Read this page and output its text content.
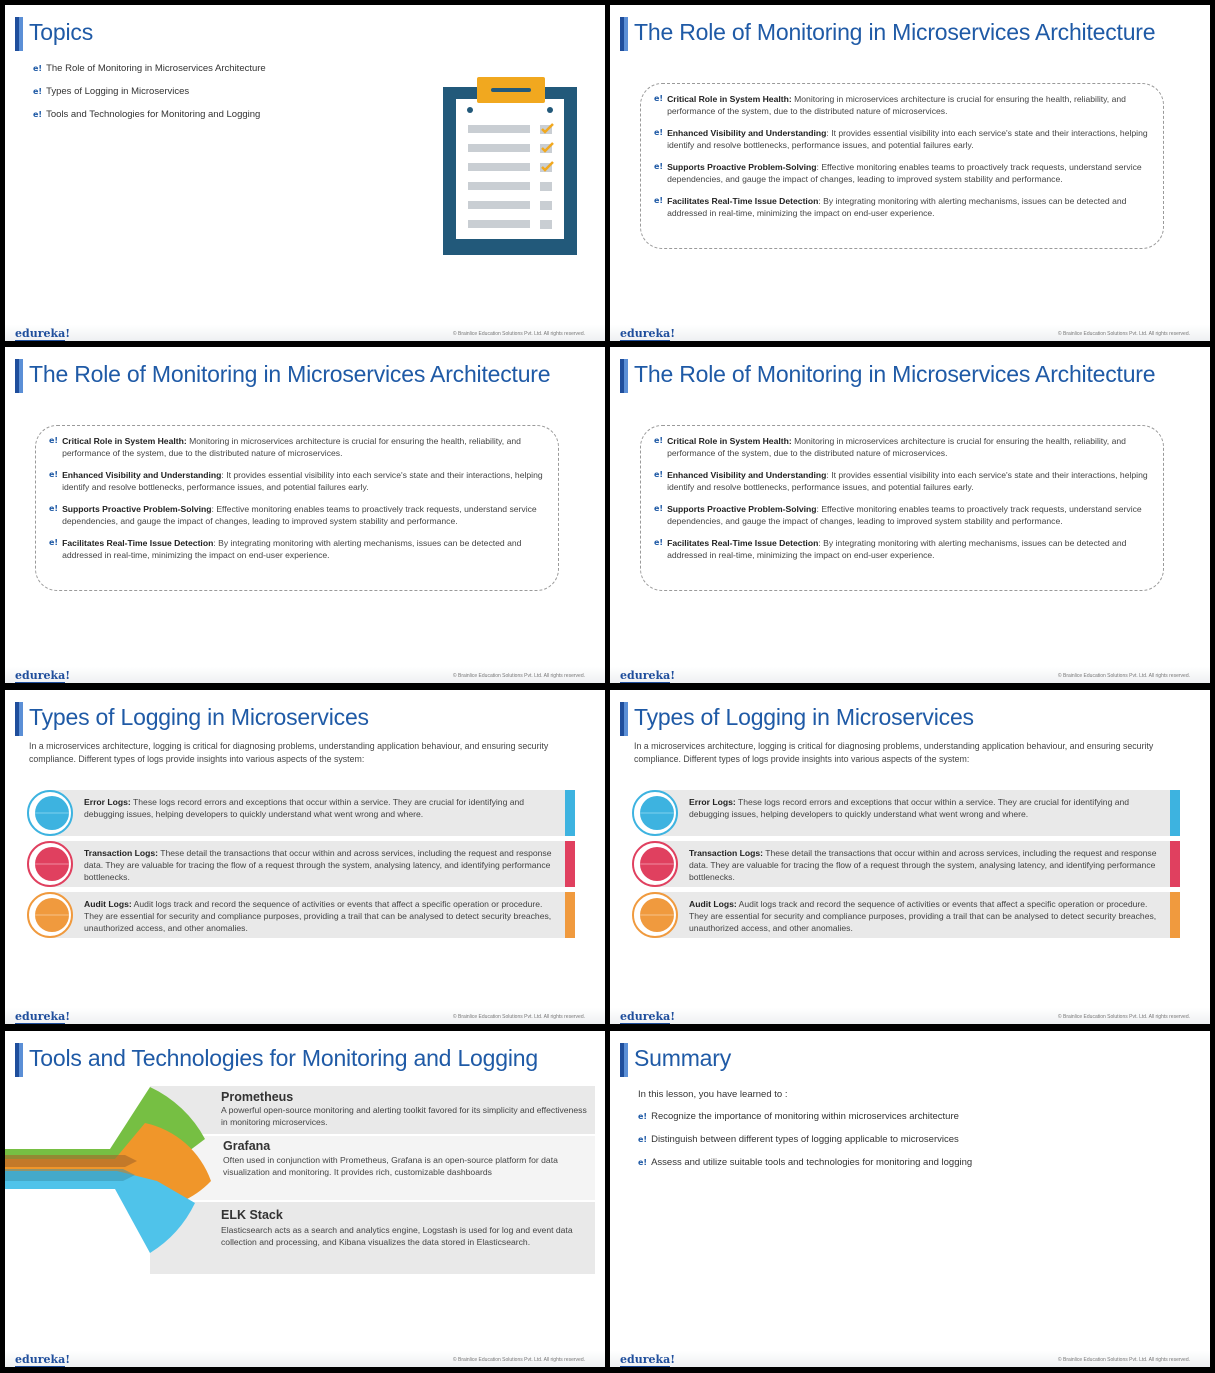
Topics
e! The Role of Monitoring in Microservices Architecture
e! Types of Logging in Microservices
e! Tools and Technologies for Monitoring and Logging
edureka!	© Brainlice Education Solutions Pvt. Ltd. All rights reserved.
The Role of Monitoring in Microservices Architecture
e! Critical Role in System Health: Monitoring in microservices architecture is crucial for ensuring the health, reliability, and performance of the system, due to the distributed nature of microservices.
e! Enhanced Visibility and Understanding: It provides essential visibility into each service's state and their interactions, helping identify and resolve bottlenecks, performance issues, and potential failures early.
e! Supports Proactive Problem-Solving: Effective monitoring enables teams to proactively track requests, understand service dependencies, and gauge the impact of changes, leading to improved system stability and performance.
e! Facilitates Real-Time Issue Detection: By integrating monitoring with alerting mechanisms, issues can be detected and addressed in real-time, minimizing the impact on end-user experience.
edureka!	© Brainlice Education Solutions Pvt. Ltd. All rights reserved.
The Role of Monitoring in Microservices Architecture
e! Critical Role in System Health: Monitoring in microservices architecture is crucial for ensuring the health, reliability, and performance of the system, due to the distributed nature of microservices.
e! Enhanced Visibility and Understanding: It provides essential visibility into each service's state and their interactions, helping identify and resolve bottlenecks, performance issues, and potential failures early.
e! Supports Proactive Problem-Solving: Effective monitoring enables teams to proactively track requests, understand service dependencies, and gauge the impact of changes, leading to improved system stability and performance.
e! Facilitates Real-Time Issue Detection: By integrating monitoring with alerting mechanisms, issues can be detected and addressed in real-time, minimizing the impact on end-user experience.
edureka!	© Brainlice Education Solutions Pvt. Ltd. All rights reserved.
The Role of Monitoring in Microservices Architecture
e! Critical Role in System Health: Monitoring in microservices architecture is crucial for ensuring the health, reliability, and performance of the system, due to the distributed nature of microservices.
e! Enhanced Visibility and Understanding: It provides essential visibility into each service's state and their interactions, helping identify and resolve bottlenecks, performance issues, and potential failures early.
e! Supports Proactive Problem-Solving: Effective monitoring enables teams to proactively track requests, understand service dependencies, and gauge the impact of changes, leading to improved system stability and performance.
e! Facilitates Real-Time Issue Detection: By integrating monitoring with alerting mechanisms, issues can be detected and addressed in real-time, minimizing the impact on end-user experience.
edureka!	© Brainlice Education Solutions Pvt. Ltd. All rights reserved.
Types of Logging in Microservices
In a microservices architecture, logging is critical for diagnosing problems, understanding application behaviour, and ensuring security compliance. Different types of logs provide insights into various aspects of the system:
Error Logs: These logs record errors and exceptions that occur within a service. They are crucial for identifying and debugging issues, helping developers to quickly understand what went wrong and where.
Transaction Logs: These detail the transactions that occur within and across services, including the request and response data. They are valuable for tracing the flow of a request through the system, analysing latency, and identifying performance bottlenecks.
Audit Logs: Audit logs track and record the sequence of activities or events that affect a specific operation or procedure. They are essential for security and compliance purposes, providing a trail that can be analysed to detect security breaches, unauthorized access, and other anomalies.
edureka!	© Brainlice Education Solutions Pvt. Ltd. All rights reserved.
Types of Logging in Microservices
In a microservices architecture, logging is critical for diagnosing problems, understanding application behaviour, and ensuring security compliance. Different types of logs provide insights into various aspects of the system:
Error Logs: These logs record errors and exceptions that occur within a service. They are crucial for identifying and debugging issues, helping developers to quickly understand what went wrong and where.
Transaction Logs: These detail the transactions that occur within and across services, including the request and response data. They are valuable for tracing the flow of a request through the system, analysing latency, and identifying performance bottlenecks.
Audit Logs: Audit logs track and record the sequence of activities or events that affect a specific operation or procedure. They are essential for security and compliance purposes, providing a trail that can be analysed to detect security breaches, unauthorized access, and other anomalies.
edureka!	© Brainlice Education Solutions Pvt. Ltd. All rights reserved.
Tools and Technologies for Monitoring and Logging
Prometheus
A powerful open-source monitoring and alerting toolkit favored for its simplicity and effectiveness in monitoring microservices.
Grafana
Often used in conjunction with Prometheus, Grafana is an open-source platform for data visualization and monitoring. It provides rich, customizable dashboards
ELK Stack
Elasticsearch acts as a search and analytics engine, Logstash is used for log and event data collection and processing, and Kibana visualizes the data stored in Elasticsearch.
edureka!	© Brainlice Education Solutions Pvt. Ltd. All rights reserved.
Summary
In this lesson, you have learned to :
e! Recognize the importance of monitoring within microservices architecture
e! Distinguish between different types of logging applicable to microservices
e! Assess and utilize suitable tools and technologies for monitoring and logging
edureka!	© Brainlice Education Solutions Pvt. Ltd. All rights reserved.
